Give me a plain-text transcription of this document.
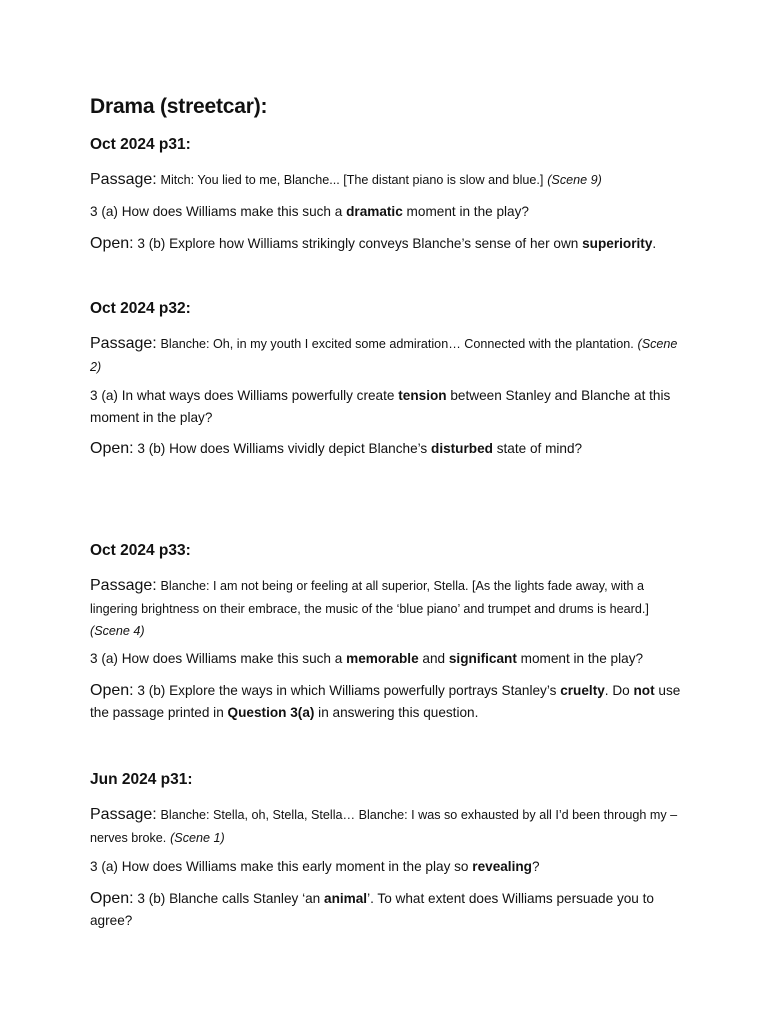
Drama (streetcar):
Oct 2024 p31:

Passage: Mitch: You lied to me, Blanche... [The distant piano is slow and blue.] (Scene 9)

3 (a) How does Williams make this such a dramatic moment in the play?

Open: 3 (b) Explore how Williams strikingly conveys Blanche’s sense of her own superiority.

Oct 2024 p32:

Passage: Blanche: Oh, in my youth I excited some admiration… Connected with the plantation. (Scene 2)

3 (a) In what ways does Williams powerfully create tension between Stanley and Blanche at this moment in the play?

Open: 3 (b) How does Williams vividly depict Blanche’s disturbed state of mind?

Oct 2024 p33:

Passage: Blanche: I am not being or feeling at all superior, Stella. [As the lights fade away, with a lingering brightness on their embrace, the music of the ‘blue piano’ and trumpet and drums is heard.] (Scene 4)

3 (a) How does Williams make this such a memorable and significant moment in the play?

Open: 3 (b) Explore the ways in which Williams powerfully portrays Stanley’s cruelty. Do not use the passage printed in Question 3(a) in answering this question.

Jun 2024 p31:

Passage: Blanche: Stella, oh, Stella, Stella… Blanche: I was so exhausted by all I’d been through my – nerves broke. (Scene 1)

3 (a) How does Williams make this early moment in the play so revealing?

Open: 3 (b) Blanche calls Stanley ‘an animal’. To what extent does Williams persuade you to agree?
